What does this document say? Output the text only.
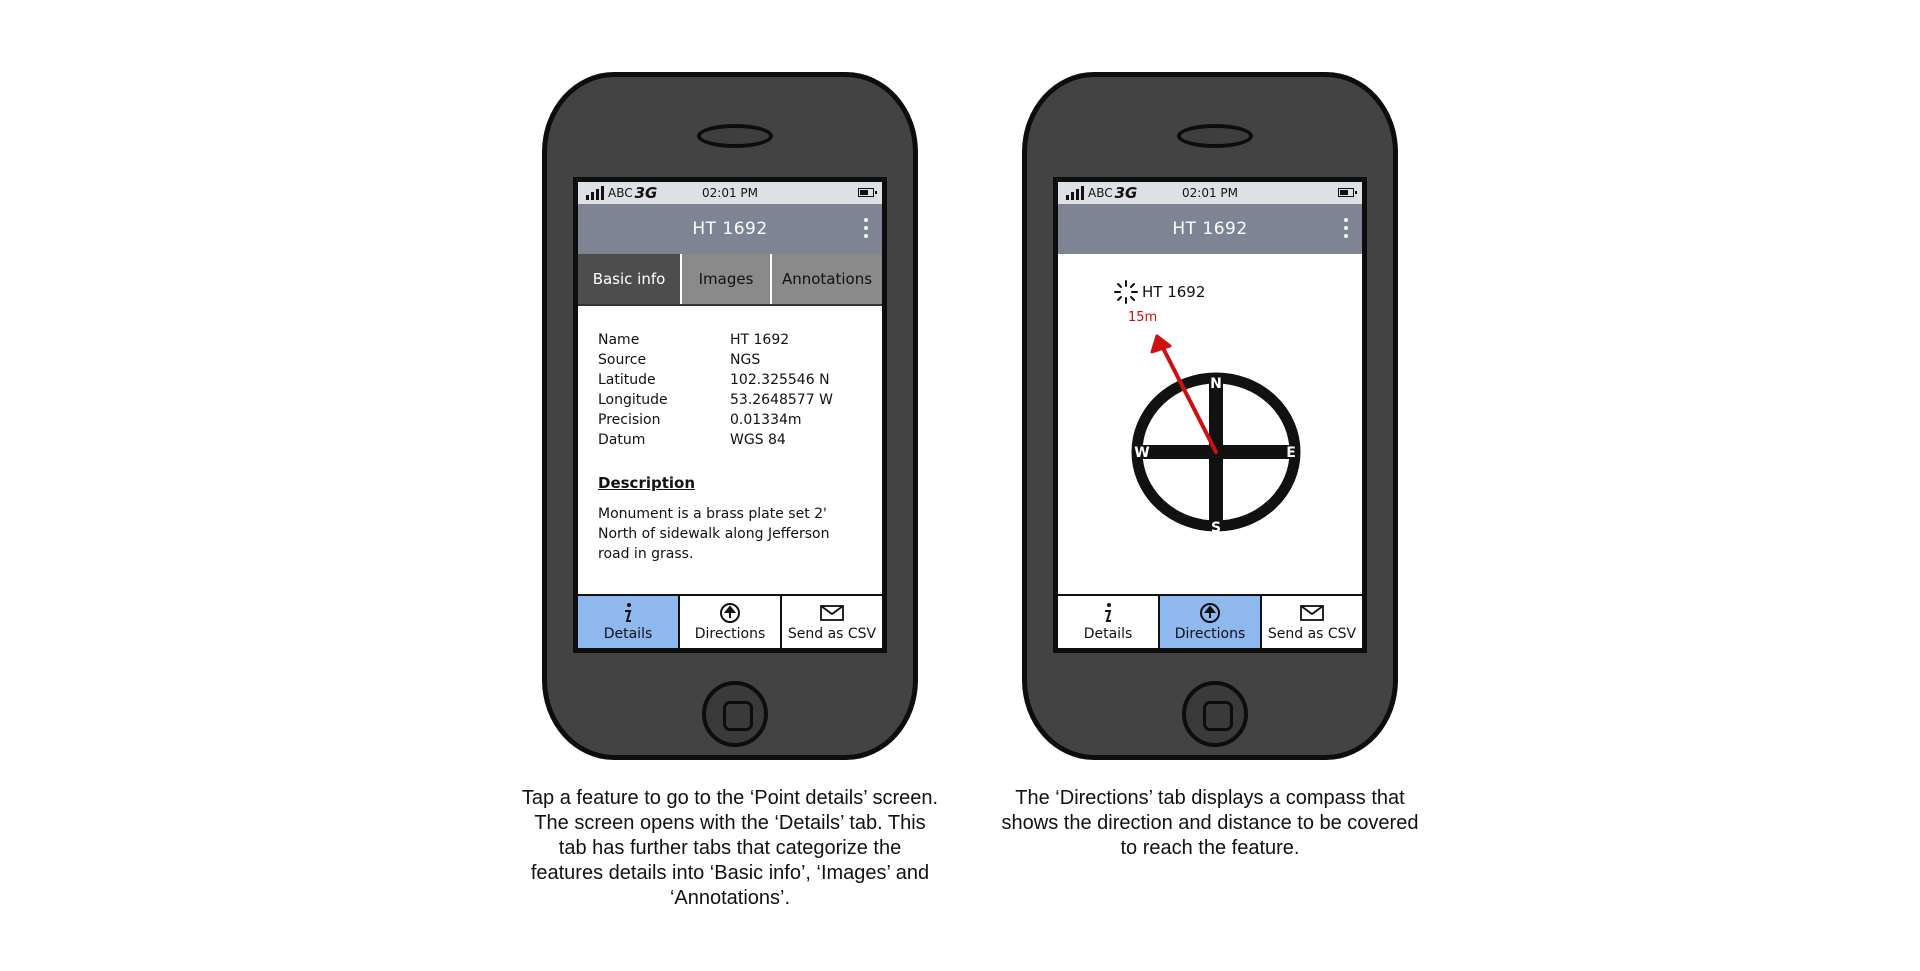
ABC 3G	02:01 PM
HT 1692
Basic info	Images	Annotations
Name	HT 1692
Source	NGS
Latitude	102.325546 N
Longitude	53.2648577 W
Precision	0.01334m
Datum	WGS 84
Description
Monument is a brass plate set 2' North of sidewalk along Jefferson road in grass.
Details	Directions Send as CSV
ABC 3G	02:01 PM
HT 1692
HT 1692
15m
N
S
W	E
Details	Directions Send as CSV
Tap a feature to go to the ‘Point details’ screen. The screen opens with the ‘Details’ tab. This tab has further tabs that categorize the features details into ‘Basic info’, ‘Images’ and ‘Annotations’.
The ‘Directions’ tab displays a compass that shows the direction and distance to be covered to reach the feature.
